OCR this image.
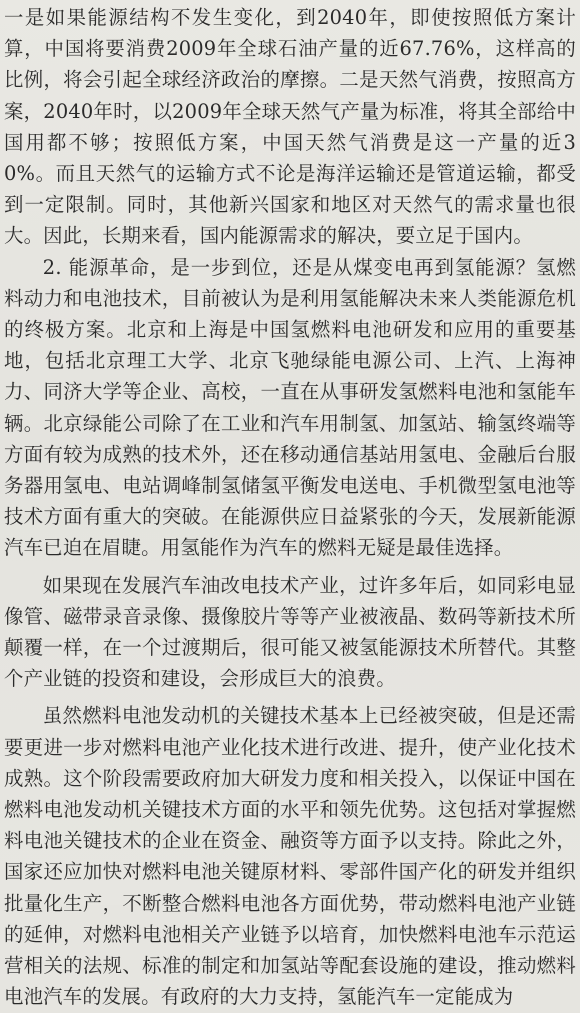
一是如果能源结构不发生变化，到2040年，即使按照低方案计算，中国将要消费2009年全球石油产量的近67.76%，这样高的比例，将会引起全球经济政治的摩擦。二是天然气消费，按照高方案，2040年时，以2009年全球天然气产量为标准，将其全部给中国用都不够；按照低方案，中国天然气消费是这一产量的近30%。而且天然气的运输方式不论是海洋运输还是管道运输，都受到一定限制。同时，其他新兴国家和地区对天然气的需求量也很大。因此，长期来看，国内能源需求的解决，要立足于国内。

2. 能源革命，是一步到位，还是从煤变电再到氢能源？氢燃料动力和电池技术，目前被认为是利用氢能解决未来人类能源危机的终极方案。北京和上海是中国氢燃料电池研发和应用的重要基地，包括北京理工大学、北京飞驰绿能电源公司、上汽、上海神力、同济大学等企业、高校，一直在从事研发氢燃料电池和氢能车辆。北京绿能公司除了在工业和汽车用制氢、加氢站、输氢终端等方面有较为成熟的技术外，还在移动通信基站用氢电、金融后台服务器用氢电、电站调峰制氢储氢平衡发电送电、手机微型氢电池等技术方面有重大的突破。在能源供应日益紧张的今天，发展新能源汽车已迫在眉睫。用氢能作为汽车的燃料无疑是最佳选择。

如果现在发展汽车油改电技术产业，过许多年后，如同彩电显像管、磁带录音录像、摄像胶片等等产业被液晶、数码等新技术所颠覆一样，在一个过渡期后，很可能又被氢能源技术所替代。其整个产业链的投资和建设，会形成巨大的浪费。

虽然燃料电池发动机的关键技术基本上已经被突破，但是还需要更进一步对燃料电池产业化技术进行改进、提升，使产业化技术成熟。这个阶段需要政府加大研发力度和相关投入，以保证中国在燃料电池发动机关键技术方面的水平和领先优势。这包括对掌握燃料电池关键技术的企业在资金、融资等方面予以支持。除此之外，国家还应加快对燃料电池关键原材料、零部件国产化的研发并组织批量化生产，不断整合燃料电池各方面优势，带动燃料电池产业链的延伸，对燃料电池相关产业链予以培育，加快燃料电池车示范运营相关的法规、标准的制定和加氢站等配套设施的建设，推动燃料电池汽车的发展。有政府的大力支持，氢能汽车一定能成为
